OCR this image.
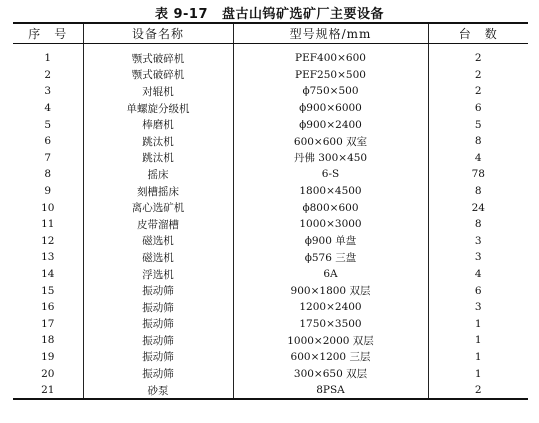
表 9-17 盘古山钨矿选矿厂主要设备
序　号	设备名称	型号规格/mm	台　数
1	颚式破碎机	PEF400×600	2
2	颚式破碎机	PEF250×500	2
3	对辊机	ϕ750×500	2
4	单螺旋分级机	ϕ900×6000	6
5	棒磨机	ϕ900×2400	5
6	跳汰机	600×600 双室	8
7	跳汰机	丹佛 300×450	4
8	摇床	6-S	78
9	刻槽摇床	1800×4500	8
10	离心选矿机	ϕ800×600	24
11	皮带溜槽	1000×3000	8
12	磁选机	ϕ900 单盘	3
13	磁选机	ϕ576 三盘	3
14	浮选机	6A	4
15	振动筛	900×1800 双层	6
16	振动筛	1200×2400	3
17	振动筛	1750×3500	1
18	振动筛	1000×2000 双层	1
19	振动筛	600×1200 三层	1
20	振动筛	300×650 双层	1
21	砂泵	8PSA	2
